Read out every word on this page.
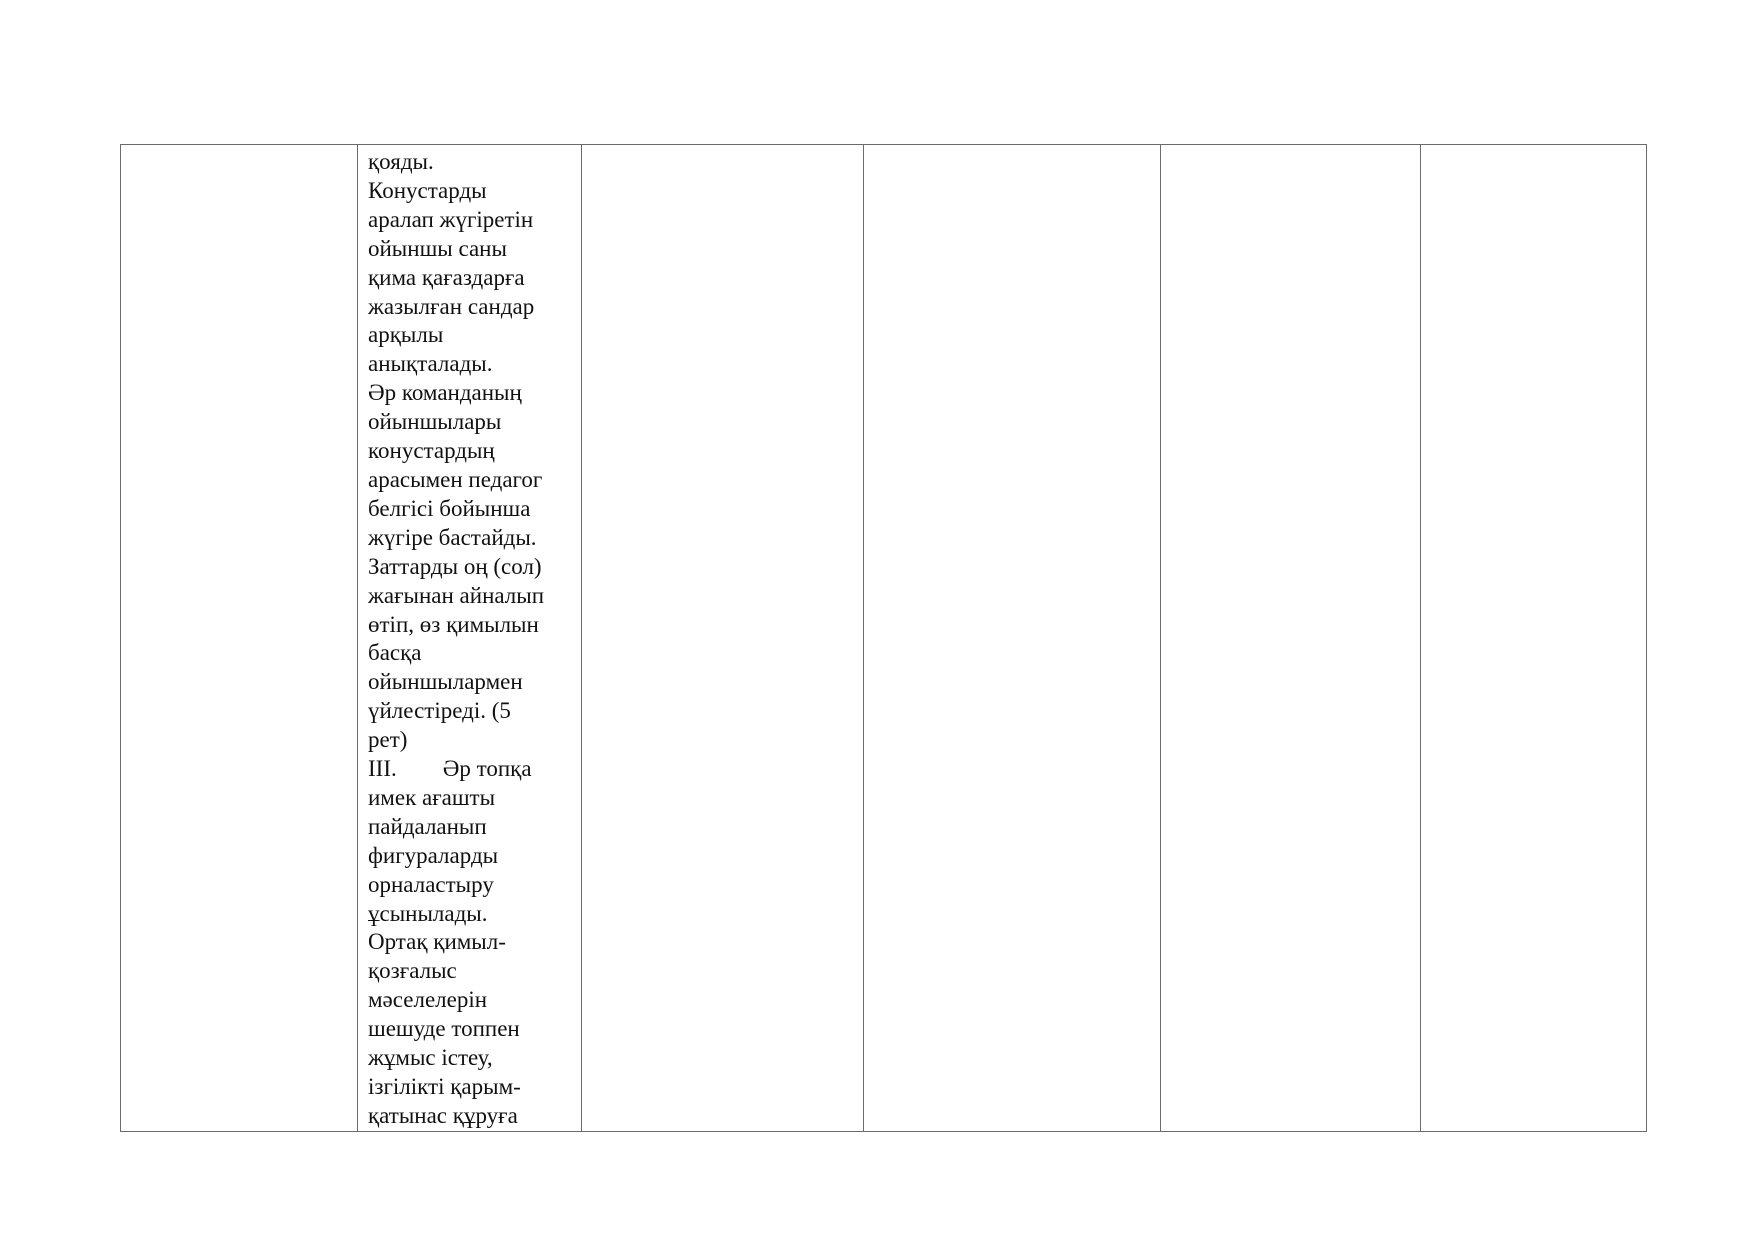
қояды.
Конустарды
аралап жүгіретін
ойыншы саны
қима қағаздарға
жазылған сандар
арқылы
анықталады.
Әр команданың
ойыншылары
конустардың
арасымен педагог
белгісі бойынша
жүгіре бастайды.
Заттарды оң (сол)
жағынан айналып
өтіп, өз қимылын
басқа
ойыншылармен
үйлестіреді. (5
рет)
ІІІ.        Әр топқа
имек ағашты
пайдаланып
фигураларды
орналастыру
ұсынылады.
Ортақ қимыл-
қозғалыс
мәселелерін
шешуде топпен
жұмыс істеу,
ізгілікті қарым-
қатынас құруға
